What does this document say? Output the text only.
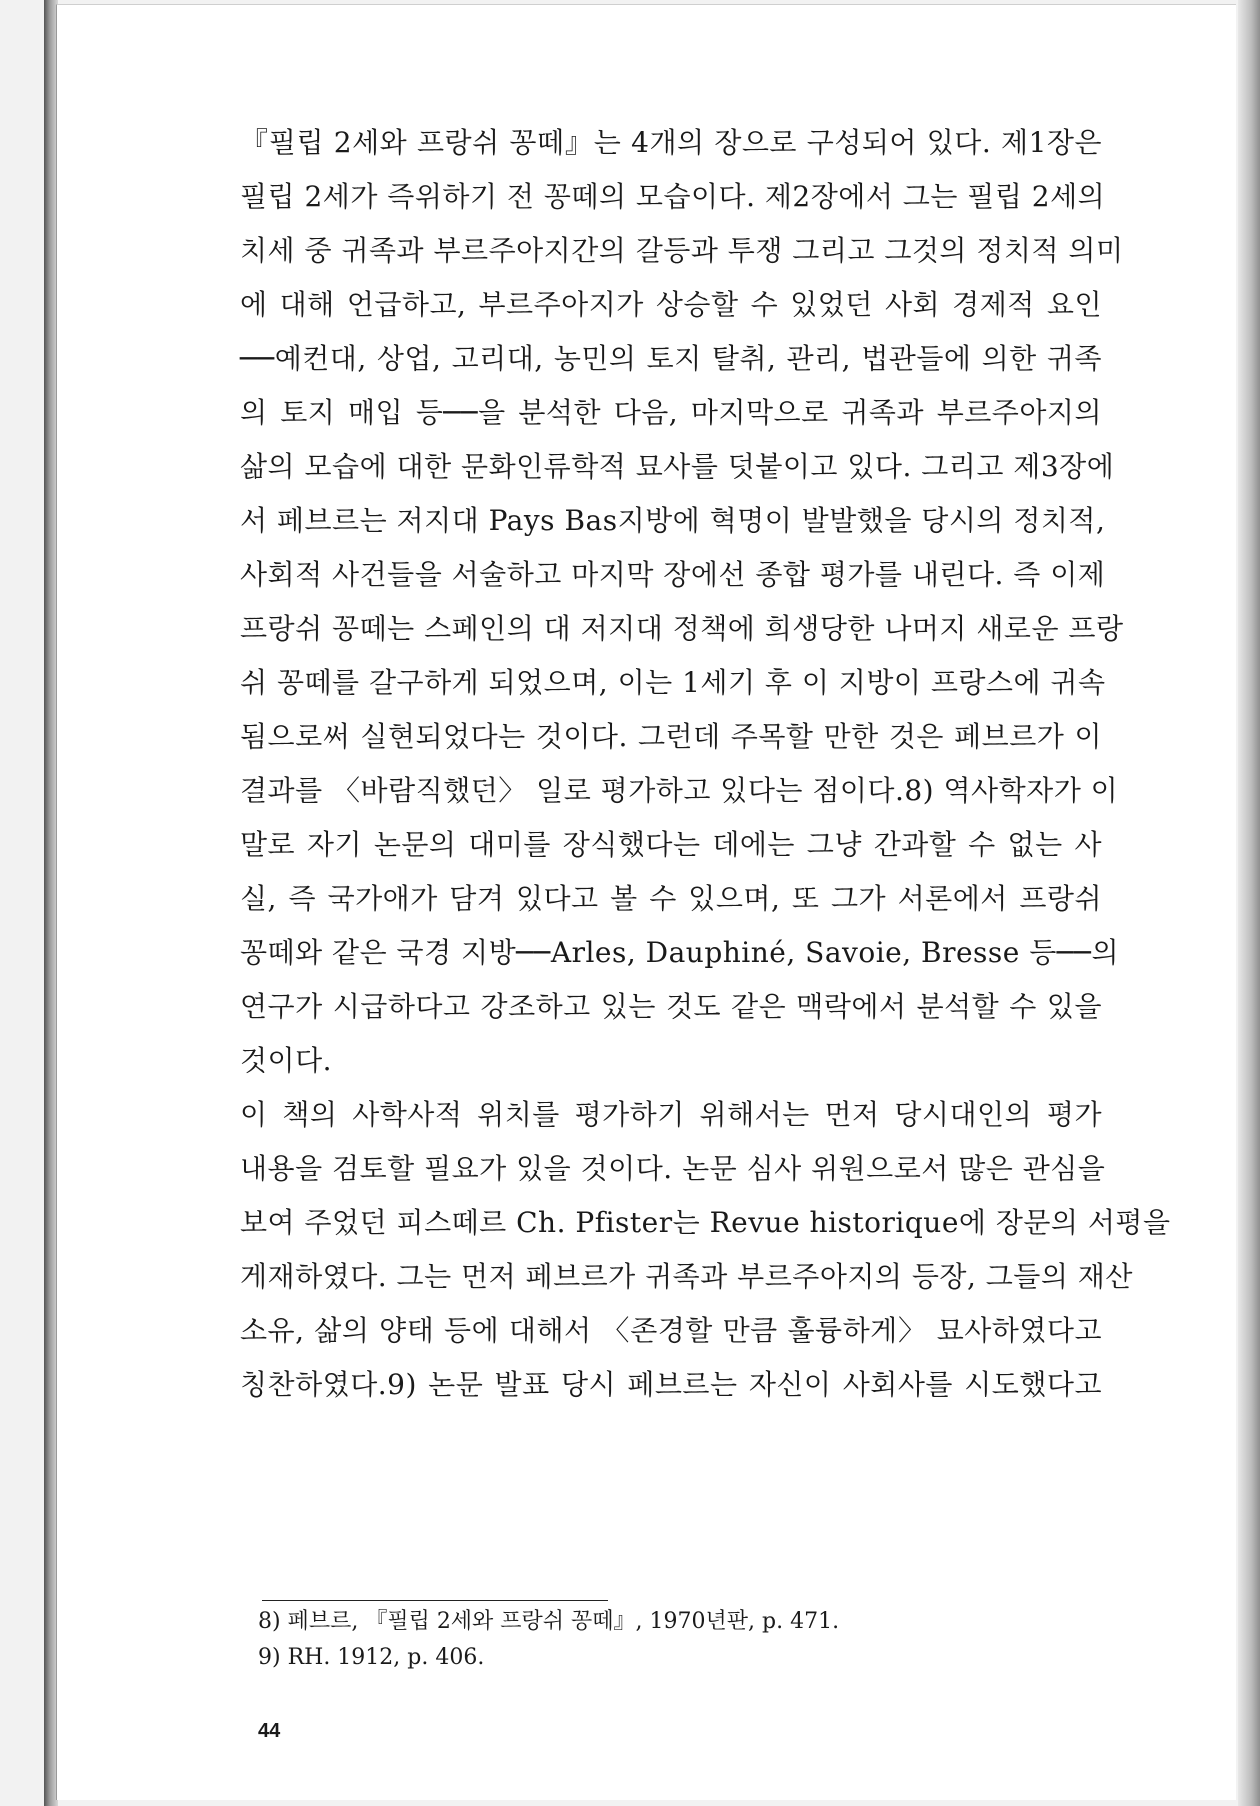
『필립 2세와 프랑쉬 꽁떼』는 4개의 장으로 구성되어 있다. 제1장은
필립 2세가 즉위하기 전 꽁떼의 모습이다. 제2장에서 그는 필립 2세의
치세 중 귀족과 부르주아지간의 갈등과 투쟁 그리고 그것의 정치적 의미
에 대해 언급하고, 부르주아지가 상승할 수 있었던 사회 경제적 요인
──예컨대, 상업, 고리대, 농민의 토지 탈취, 관리, 법관들에 의한 귀족
의 토지 매입 등──을 분석한 다음, 마지막으로 귀족과 부르주아지의
삶의 모습에 대한 문화인류학적 묘사를 덧붙이고 있다. 그리고 제3장에
서 페브르는 저지대 Pays Bas지방에 혁명이 발발했을 당시의 정치적,
사회적 사건들을 서술하고 마지막 장에선 종합 평가를 내린다. 즉 이제
프랑쉬 꽁떼는 스페인의 대 저지대 정책에 희생당한 나머지 새로운 프랑
쉬 꽁떼를 갈구하게 되었으며, 이는 1세기 후 이 지방이 프랑스에 귀속
됨으로써 실현되었다는 것이다. 그런데 주목할 만한 것은 페브르가 이
결과를 〈바람직했던〉 일로 평가하고 있다는 점이다.8) 역사학자가 이
말로 자기 논문의 대미를 장식했다는 데에는 그냥 간과할 수 없는 사
실, 즉 국가애가 담겨 있다고 볼 수 있으며, 또 그가 서론에서 프랑쉬
꽁떼와 같은 국경 지방──Arles, Dauphiné, Savoie, Bresse 등──의
연구가 시급하다고 강조하고 있는 것도 같은 맥락에서 분석할 수 있을
것이다.
이 책의 사학사적 위치를 평가하기 위해서는 먼저 당시대인의 평가
내용을 검토할 필요가 있을 것이다. 논문 심사 위원으로서 많은 관심을
보여 주었던 피스떼르 Ch. Pfister는 Revue historique에 장문의 서평을
게재하였다. 그는 먼저 페브르가 귀족과 부르주아지의 등장, 그들의 재산
소유, 삶의 양태 등에 대해서 〈존경할 만큼 훌륭하게〉 묘사하였다고
칭찬하였다.9) 논문 발표 당시 페브르는 자신이 사회사를 시도했다고
8) 페브르, 『필립 2세와 프랑쉬 꽁떼』, 1970년판, p. 471.
9) RH. 1912, p. 406.
44
